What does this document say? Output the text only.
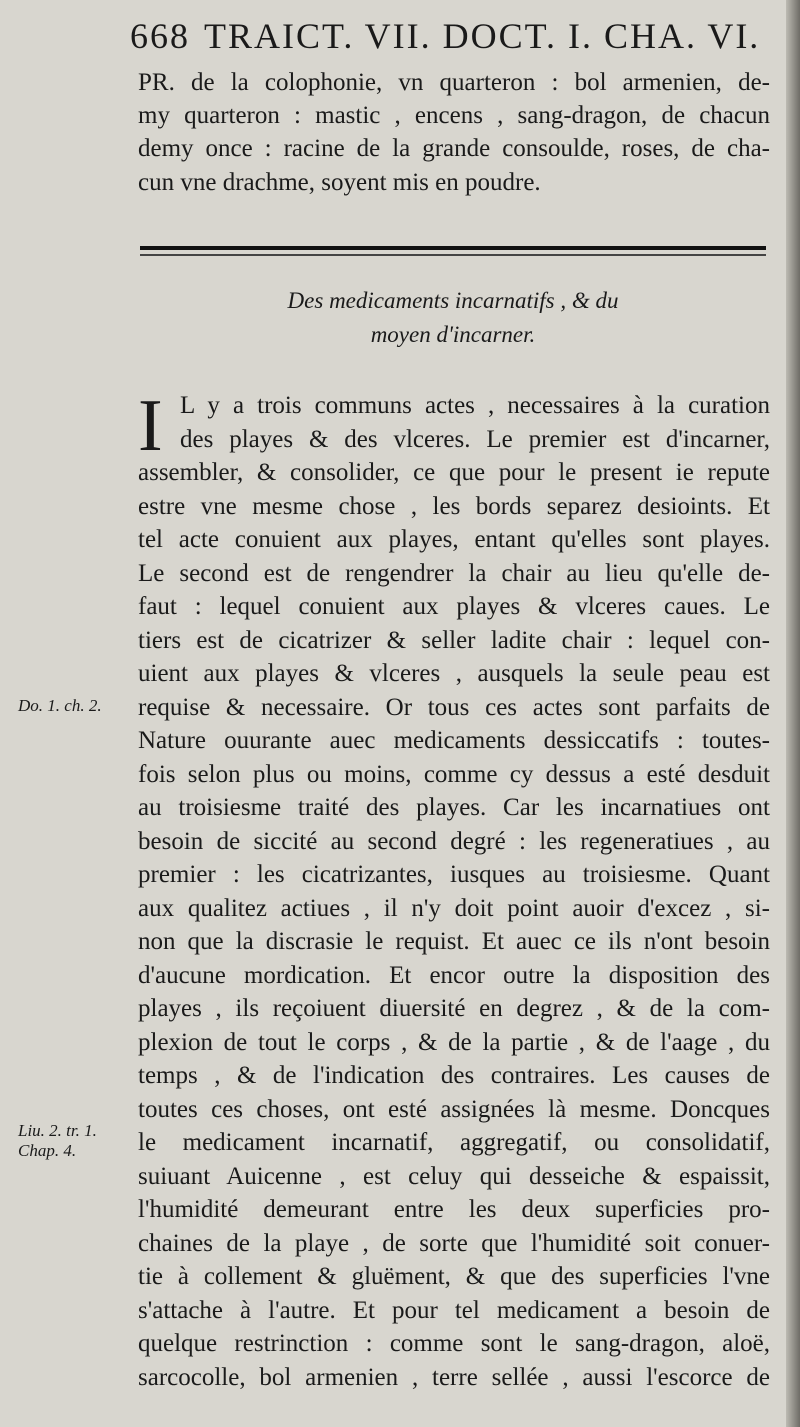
668 TRAICT. VII. DOCT. I. CHA. VI.
PR. de la colophonie, vn quarteron : bol armenien, de-
my quarteron : mastic , encens , sang-dragon, de chacun
demy once : racine de la grande consoulde, roses, de cha-
cun vne drachme, soyent mis en poudre.
Des medicaments incarnatifs , & du
moyen d'incarner.
I L y a trois communs actes , necessaires à la curation
des playes & des vlceres. Le premier est d'incarner,
assembler, & consolider, ce que pour le present ie repute
estre vne mesme chose , les bords separez desioints. Et
tel acte conuient aux playes, entant qu'elles sont playes.
Le second est de rengendrer la chair au lieu qu'elle de-
faut : lequel conuient aux playes & vlceres caues. Le
tiers est de cicatrizer & seller ladite chair : lequel con-
uient aux playes & vlceres , ausquels la seule peau est
requise & necessaire. Or tous ces actes sont parfaits de
Nature ouurante auec medicaments dessiccatifs : toutes-
fois selon plus ou moins, comme cy dessus a esté desduit
au troisiesme traité des playes. Car les incarnatiues ont
besoin de siccité au second degré : les regeneratiues , au
premier : les cicatrizantes, iusques au troisiesme. Quant
aux qualitez actiues , il n'y doit point auoir d'excez , si-
non que la discrasie le requist. Et auec ce ils n'ont besoin
d'aucune mordication. Et encor outre la disposition des
playes , ils reçoiuent diuersité en degrez , & de la com-
plexion de tout le corps , & de la partie , & de l'aage , du
temps , & de l'indication des contraires. Les causes de
toutes ces choses, ont esté assignées là mesme. Doncques
le medicament incarnatif, aggregatif, ou consolidatif,
suiuant Auicenne , est celuy qui desseiche & espaissit,
l'humidité demeurant entre les deux superficies pro-
chaines de la playe , de sorte que l'humidité soit conuer-
tie à collement & gluëment, & que des superficies l'vne
s'attache à l'autre. Et pour tel medicament a besoin de
quelque restrinction : comme sont le sang-dragon, aloë,
sarcocolle, bol armenien , terre sellée , aussi l'escorce de
Do. 1. ch. 2.
Liu. 2. tr. 1.
Chap. 4.
